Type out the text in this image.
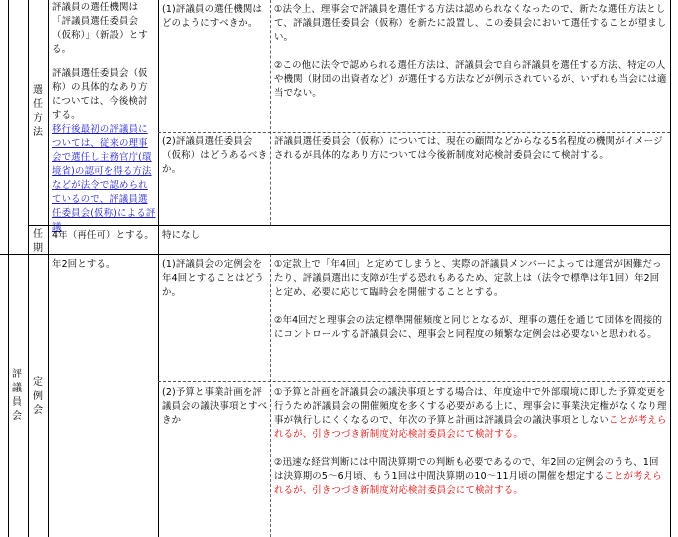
選任方法
任期
評議員会
定例会

評議員の選任機関は「評議員選任委員会（仮称）」（新設）とする。

評議員選任委員会（仮称）の具体的なあり方については、今後検討する。

移行後最初の評議員については、従来の理事会で選任し主務官庁(環境省)の認可を得る方法などが法令で認められているので、評議員選任委員会(仮称)による評議

(1)評議員の選任機関はどのようにすべきか。

①法令上、理事会で評議員を選任する方法は認められなくなったので、新たな選任方法として、評議員選任委員会（仮称）を新たに設置し、この委員会において選任することが望ましい。

②この他に法令で認められる選任方法は、評議員会で自ら評議員を選任する方法、特定の人や機関（財団の出資者など）が選任する方法などが例示されているが、いずれも当会には適当でない。

(2)評議員選任委員会（仮称）はどうあるべきか。
評議員選任委員会（仮称）については、現在の顧問などからなる5名程度の機関がイメージされるが具体的なあり方については今後新制度対応検討委員会にて検討する。
4年（再任可）とする。 特になし
年2回とする。	(1)評議員会の定例会を年4回とすることはどうか。

①定款上で「年4回」と定めてしまうと、実際の評議員メンバーによっては運営が困難だったり、評議員選出に支障が生ずる恐れもあるため、定款上は（法令で標準は年1回）年2回と定め、必要に応じて臨時会を開催することとする。

②年4回だと理事会の法定標準開催頻度と同じとなるが、理事の選任を通じて団体を間接的にコントロールする評議員会に、理事会と同程度の頻繁な定例会は必要ないと思われる。

(2)予算と事業計画を評議員会の議決事項とすべきか

①予算と計画を評議員会の議決事項とする場合は、年度途中で外部環境に即した予算変更を行うため評議員会の開催頻度を多くする必要がある上に、理事会に事業決定権がなくなり理事が執行しにくくなるので、年次の予算と計画は評議員会の議決事項としないことが考えられるが、引きつづき新制度対応検討委員会にて検討する。

②迅速な経営判断には中間決算期での判断も必要であるので、年2回の定例会のうち、1回は決算期の5～6月頃、もう1回は中間決算期の10～11月頃の開催を想定することが考えられるが、引きつづき新制度対応検討委員会にて検討する。
